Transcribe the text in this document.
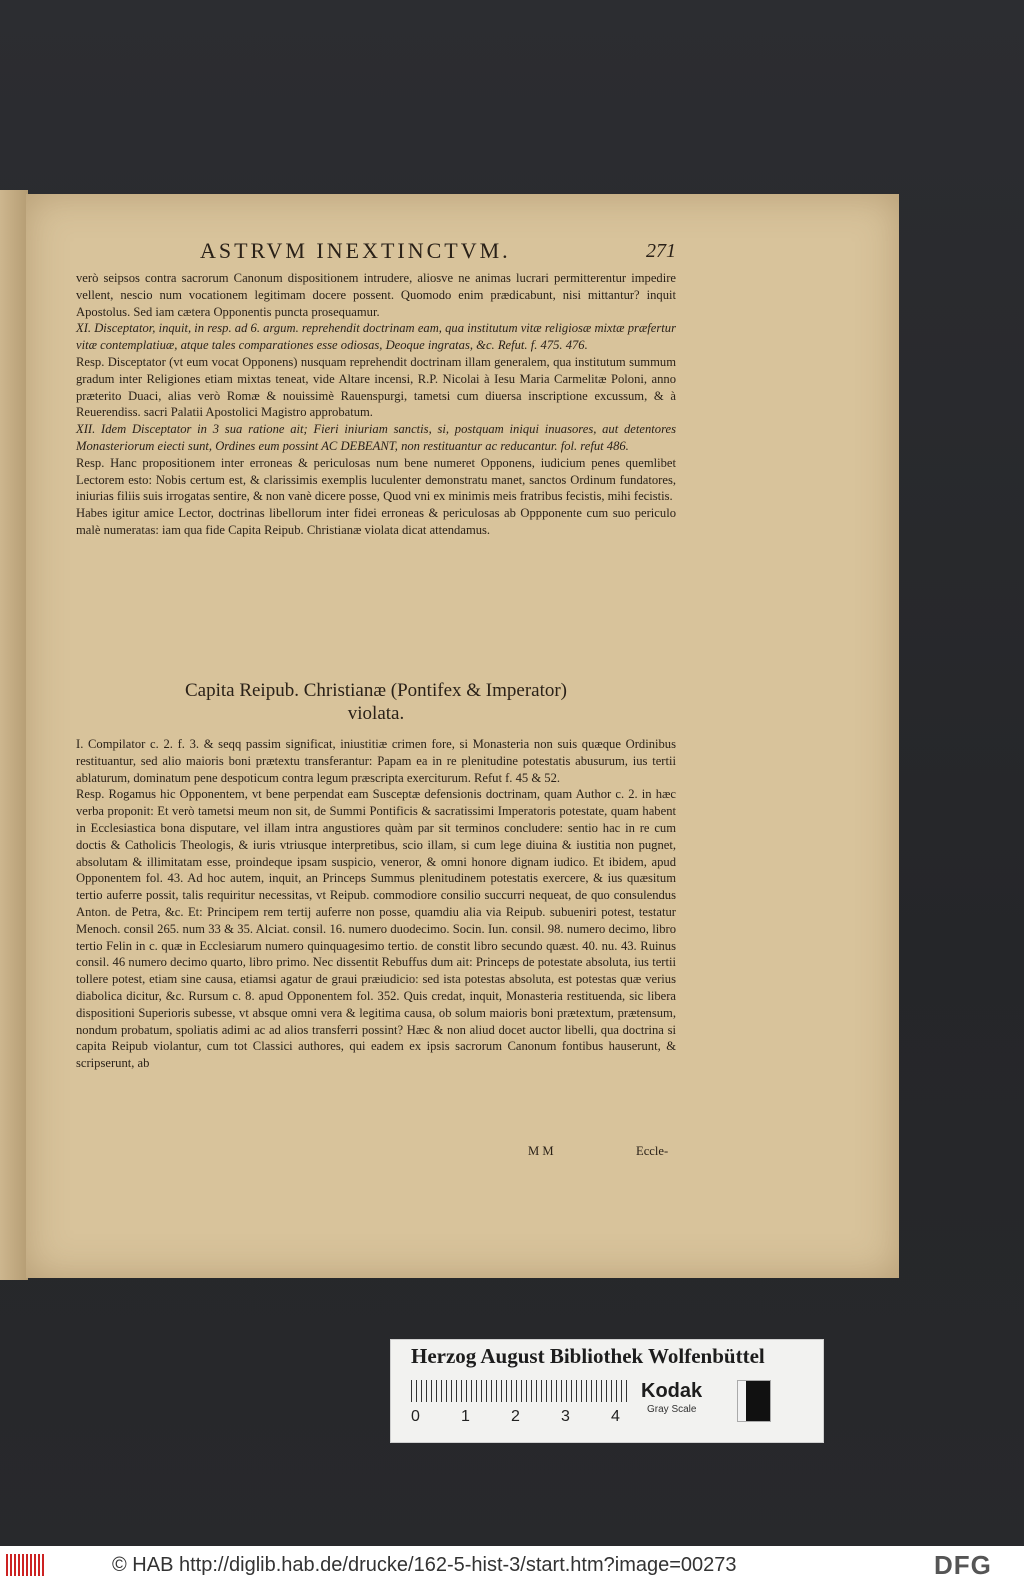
ASTRVM INEXTINCTVM.	271

verò seipsos contra sacrorum Canonum dispositionem intrudere, aliosve ne animas lucrari permitterentur impedire vellent, nescio num vocationem legitimam docere possent. Quomodo enim prædicabunt, nisi mittantur? inquit Apostolus. Sed iam cætera Opponentis puncta prosequamur.

XI. Disceptator, inquit, in resp. ad 6. argum. reprehendit doctrinam eam, qua institutum vitæ religiosæ mixtæ præfertur vitæ contemplatiuæ, atque tales comparationes esse odiosas, Deoque ingratas, &c. Refut. f. 475. 476.

Resp. Disceptator (vt eum vocat Opponens) nusquam reprehendit doctrinam illam generalem, qua institutum summum gradum inter Religiones etiam mixtas teneat, vide Altare incensi, R.P. Nicolai à Iesu Maria Carmelitæ Poloni, anno præterito Duaci, alias verò Romæ & nouissimè Rauenspurgi, tametsi cum diuersa inscriptione excussum, & à Reuerendiss. sacri Palatii Apostolici Magistro approbatum.

XII. Idem Disceptator in 3 sua ratione ait; Fieri iniuriam sanctis, si, postquam iniqui inuasores, aut detentores Monasteriorum eiecti sunt, Ordines eum possint AC DEBEANT, non restituantur ac reducantur. fol. refut 486.

Resp. Hanc propositionem inter erroneas & periculosas num bene numeret Opponens, iudicium penes quemlibet Lectorem esto: Nobis certum est, & clarissimis exemplis luculenter demonstratu manet, sanctos Ordinum fundatores, iniurias filiis suis irrogatas sentire, & non vanè dicere posse, Quod vni ex minimis meis fratribus fecistis, mihi fecistis.

Habes igitur amice Lector, doctrinas libellorum inter fidei erroneas & periculosas ab Oppponente cum suo periculo malè numeratas: iam qua fide Capita Reipub. Christianæ violata dicat attendamus.

Capita Reipub. Christianæ (Pontifex & Imperator)
violata.

I. Compilator c. 2. f. 3. & seqq passim significat, iniustitiæ crimen fore, si Monasteria non suis quæque Ordinibus restituantur, sed alio maioris boni prætextu transferantur: Papam ea in re plenitudine potestatis abusurum, ius tertii ablaturum, dominatum pene despoticum contra legum præscripta exerciturum. Refut f. 45 & 52.

Resp. Rogamus hic Opponentem, vt bene perpendat eam Susceptæ defensionis doctrinam, quam Author c. 2. in hæc verba proponit: Et verò tametsi meum non sit, de Summi Pontificis & sacratissimi Imperatoris potestate, quam habent in Ecclesiastica bona disputare, vel illam intra angustiores quàm par sit terminos concludere: sentio hac in re cum doctis & Catholicis Theologis, & iuris vtriusque interpretibus, scio illam, si cum lege diuina & iustitia non pugnet, absolutam & illimitatam esse, proindeque ipsam suspicio, veneror, & omni honore dignam iudico. Et ibidem, apud Opponentem fol. 43. Ad hoc autem, inquit, an Princeps Summus plenitudinem potestatis exercere, & ius quæsitum tertio auferre possit, talis requiritur necessitas, vt Reipub. commodiore consilio succurri nequeat, de quo consulendus Anton. de Petra, &c. Et: Principem rem tertij auferre non posse, quamdiu alia via Reipub. subueniri potest, testatur Menoch. consil 265. num 33 & 35. Alciat. consil. 16. numero duodecimo. Socin. Iun. consil. 98. numero decimo, libro tertio Felin in c. quæ in Ecclesiarum numero quinquagesimo tertio. de constit libro secundo quæst. 40. nu. 43. Ruinus consil. 46 numero decimo quarto, libro primo. Nec dissentit Rebuffus dum ait: Princeps de potestate absoluta, ius tertii tollere potest, etiam sine causa, etiamsi agatur de graui præiudicio: sed ista potestas absoluta, est potestas quæ verius diabolica dicitur, &c. Rursum c. 8. apud Opponentem fol. 352. Quis credat, inquit, Monasteria restituenda, sic libera dispositioni Superioris subesse, vt absque omni vera & legitima causa, ob solum maioris boni prætextum, prætensum, nondum probatum, spoliatis adimi ac ad alios transferri possint? Hæc & non aliud docet auctor libelli, qua doctrina si capita Reipub violantur, cum tot Classici authores, qui eadem ex ipsis sacrorum Canonum fontibus hauserunt, & scripserunt, ab

M M	Eccle-
Herzog August Bibliothek Wolfenbüttel
0	1	2	3	4
Kodak
Gray Scale
© HAB http://diglib.hab.de/drucke/162-5-hist-3/start.htm?image=00273	DFG
